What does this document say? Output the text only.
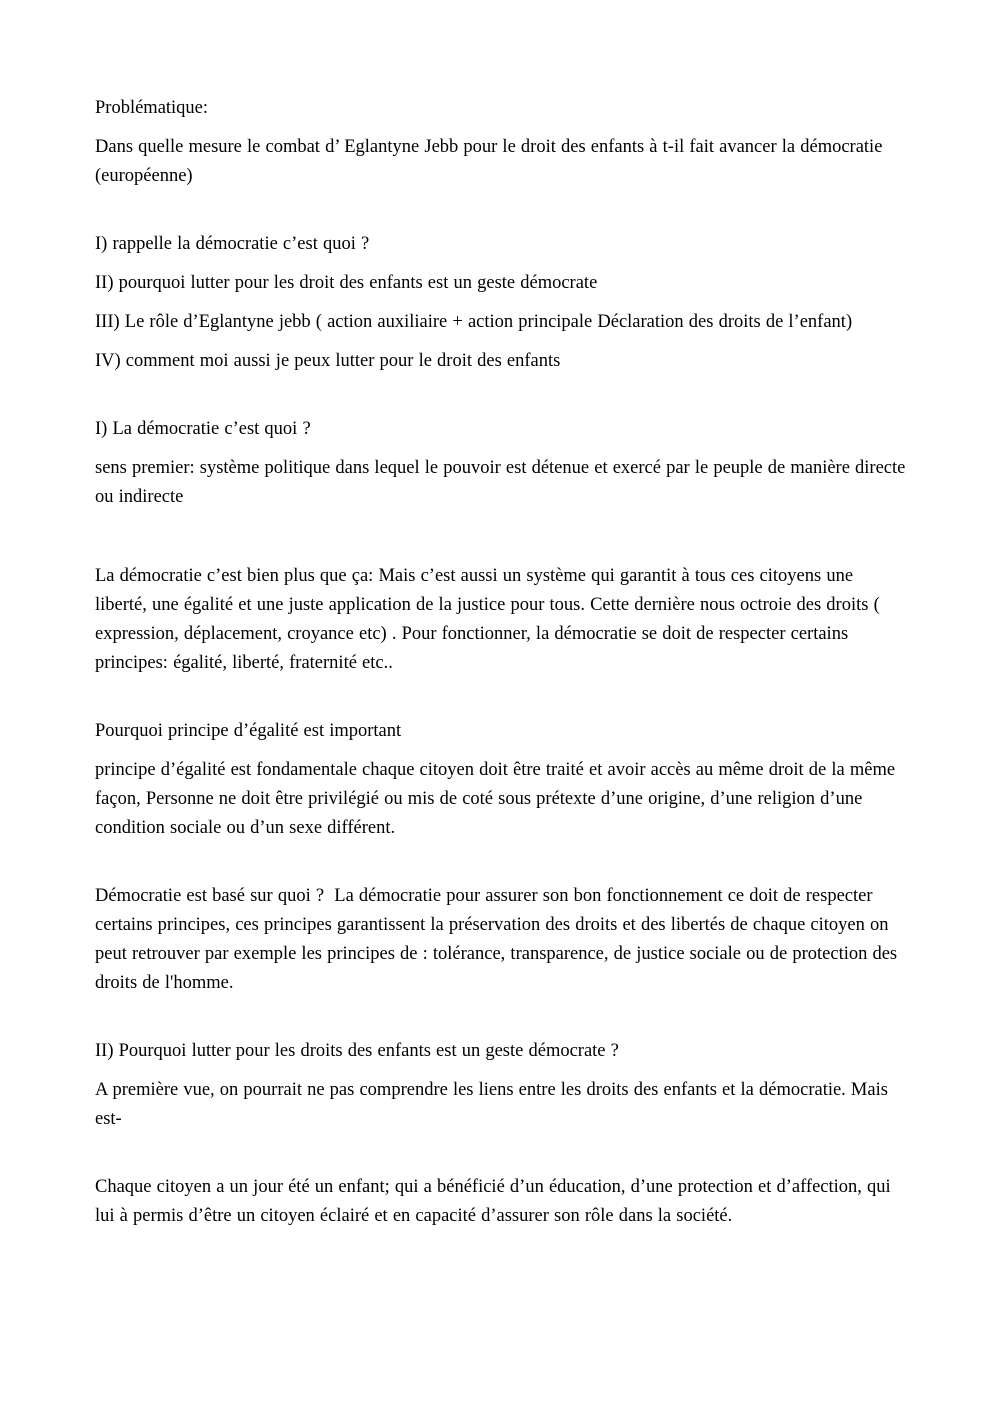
Problématique:

Dans quelle mesure le combat d’ Eglantyne Jebb pour le droit des enfants à t-il fait avancer la démocratie (européenne)

I) rappelle la démocratie c’est quoi ?

II) pourquoi lutter pour les droit des enfants est un geste démocrate

III) Le rôle d’Eglantyne jebb ( action auxiliaire + action principale Déclaration des droits de l’enfant)

IV) comment moi aussi je peux lutter pour le droit des enfants

I) La démocratie c’est quoi ?

sens premier: système politique dans lequel le pouvoir est détenue et exercé par le peuple de manière directe ou indirecte

La démocratie c’est bien plus que ça: Mais c’est aussi un système qui garantit à tous ces citoyens une liberté, une égalité et une juste application de la justice pour tous. Cette dernière nous octroie des droits ( expression, déplacement, croyance etc) . Pour fonctionner, la démocratie se doit de respecter certains principes: égalité, liberté, fraternité etc..

Pourquoi principe d’égalité est important

principe d’égalité est fondamentale chaque citoyen doit être traité et avoir accès au même droit de la même façon, Personne ne doit être privilégié ou mis de coté sous prétexte d’une origine, d’une religion d’une condition sociale ou d’un sexe différent.

Démocratie est basé sur quoi ?  La démocratie pour assurer son bon fonctionnement ce doit de respecter certains principes, ces principes garantissent la préservation des droits et des libertés de chaque citoyen on peut retrouver par exemple les principes de : tolérance, transparence, de justice sociale ou de protection des droits de l'homme.

II) Pourquoi lutter pour les droits des enfants est un geste démocrate ?

A première vue, on pourrait ne pas comprendre les liens entre les droits des enfants et la démocratie. Mais est-

Chaque citoyen a un jour été un enfant; qui a bénéficié d’un éducation, d’une protection et d’affection, qui lui à permis d’être un citoyen éclairé et en capacité d’assurer son rôle dans la société.
